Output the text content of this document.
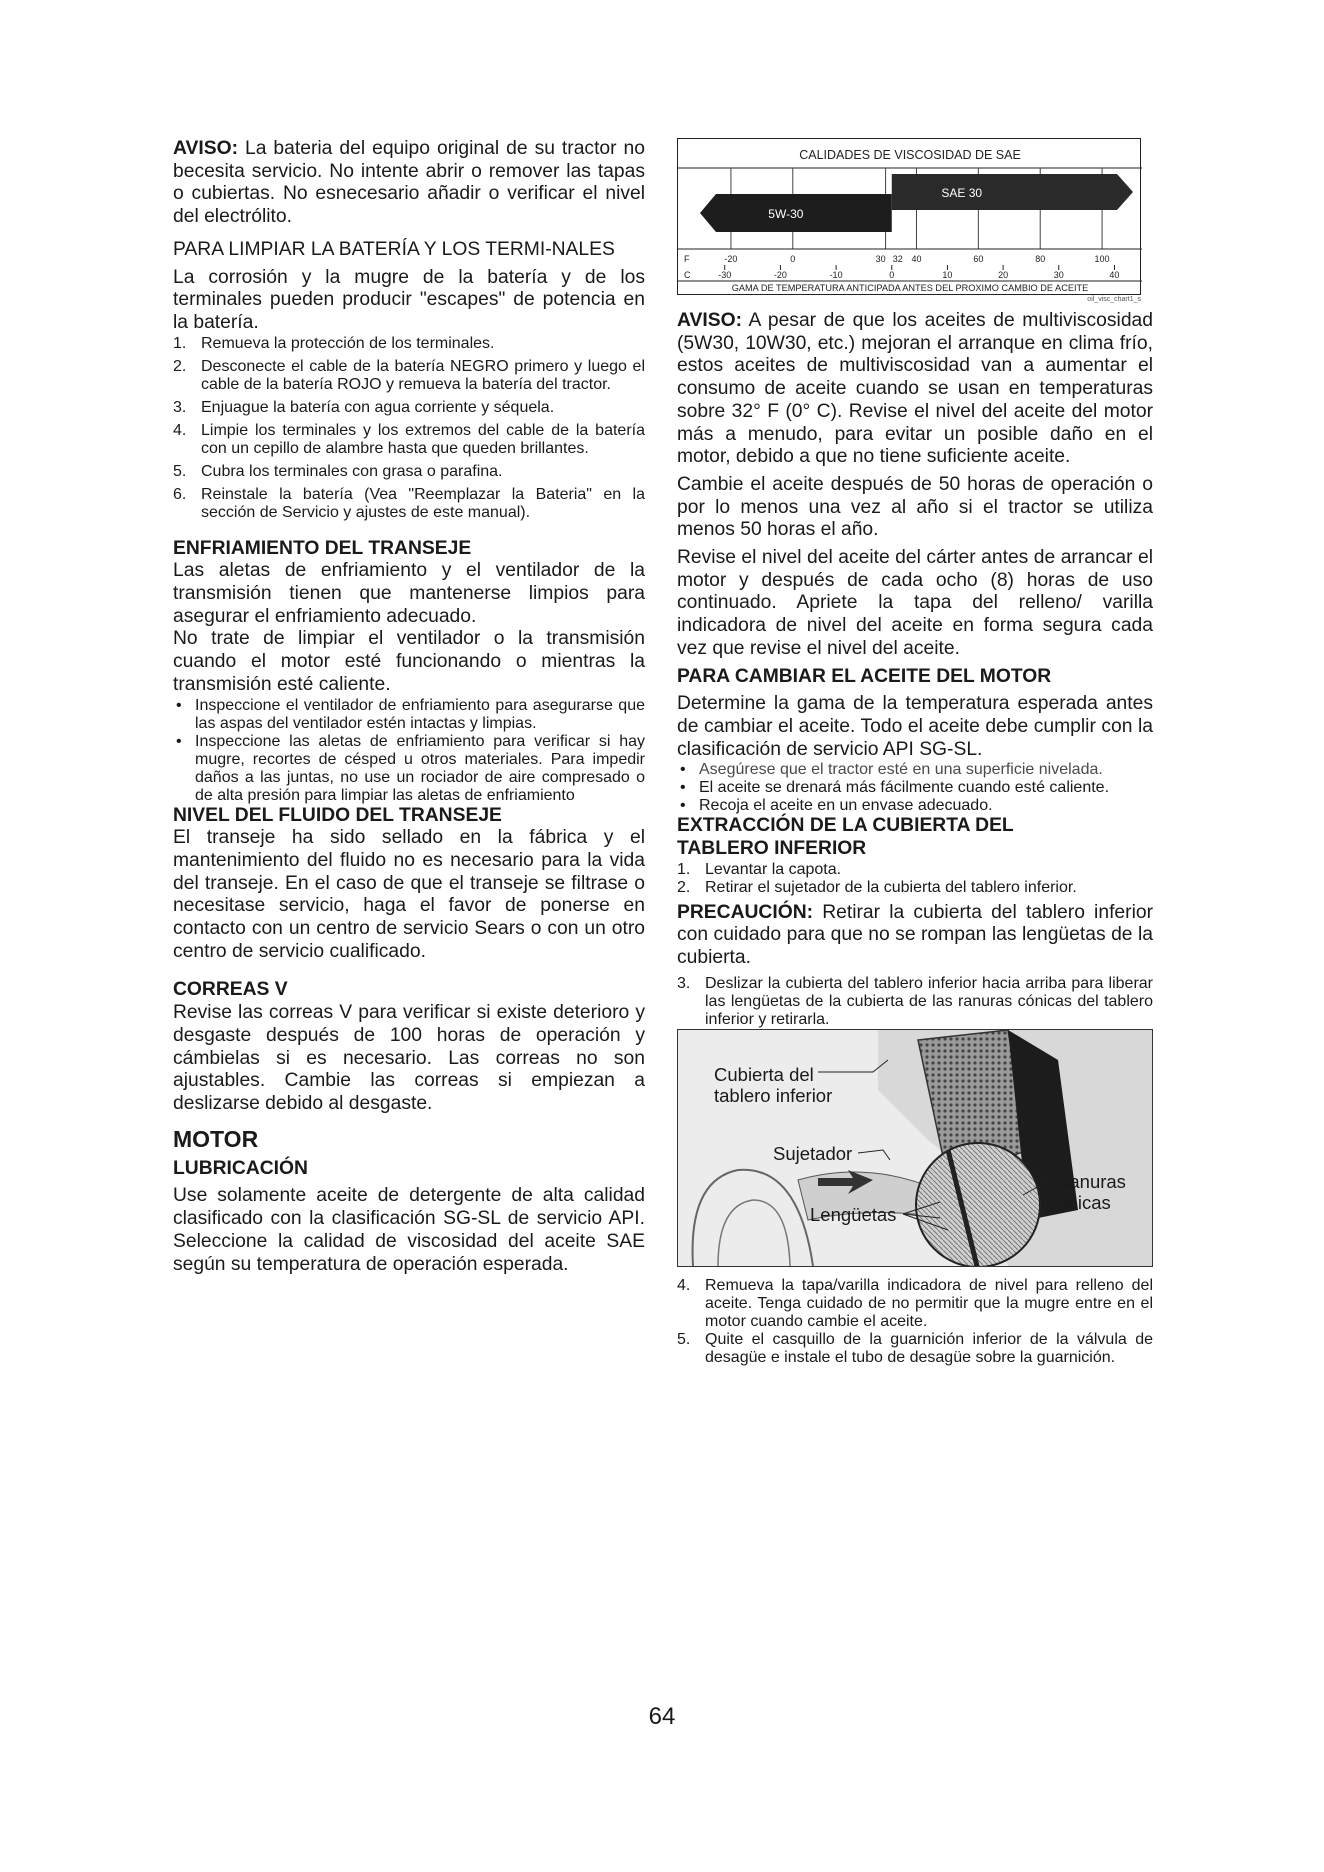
AVISO: La bateria del equipo original de su tractor no becesita servicio. No intente abrir o remover las tapas o cubiertas. No esnecesario añadir o verificar el nivel del electrólito.

PARA LIMPIAR LA BATERÍA Y LOS TERMI-NALES

La corrosión y la mugre de la batería y de los terminales pueden producir "escapes" de potencia en la batería.

1. Remueva la protección de los terminales.
2. Desconecte el cable de la batería NEGRO primero y luego el cable de la batería ROJO y remueva la batería del tractor.
3. Enjuague la batería con agua corriente y séquela.
4. Limpie los terminales y los extremos del cable de la batería con un cepillo de alambre hasta que queden brillantes.
5. Cubra los terminales con grasa o parafina.
6. Reinstale la batería (Vea "Reemplazar la Bateria" en la sección de Servicio y ajustes de este manual).
ENFRIAMIENTO DEL TRANSEJE

Las aletas de enfriamiento y el ventilador de la transmisión tienen que mantenerse limpios para asegurar el enfriamiento adecuado.

No trate de limpiar el ventilador o la transmisión cuando el motor esté funcionando o mientras la transmisión esté caliente.

• Inspeccione el ventilador de enfriamiento para asegurarse que las aspas del ventilador estén intactas y limpias.
• Inspeccione las aletas de enfriamiento para verificar si hay mugre, recortes de césped u otros materiales. Para impedir daños a las juntas, no use un rociador de aire compresado o de alta presión para limpiar las aletas de enfriamiento
NIVEL DEL FLUIDO DEL TRANSEJE

El transeje ha sido sellado en la fábrica y el mantenimiento del fluido no es necesario para la vida del transeje. En el caso de que el transeje se filtrase o necesitase servicio, haga el favor de ponerse en contacto con un centro de servicio Sears o con un otro centro de servicio cualificado.

CORREAS V

Revise las correas V para verificar si existe deterioro y desgaste después de 100 horas de operación y cámbielas si es necesario. Las correas no son ajustables. Cambie las correas si empiezan a deslizarse debido al desgaste.

MOTOR
LUBRICACIÓN

Use solamente aceite de detergente de alta calidad clasificado con la clasificación SG-SL de servicio API. Seleccione la calidad de viscosidad del aceite SAE según su temperatura de operación esperada.

CALIDADES DE VISCOSIDAD DE SAE
5W-30
SAE 30
F	-20	0	30 32 40	60	80	100
C	-30	-20	-10	0	10	20	30	40
GAMA DE TEMPERATURA ANTICIPADA ANTES DEL PROXIMO CAMBIO DE ACEITE
oil_visc_chart1_s

AVISO: A pesar de que los aceites de multiviscosidad (5W30, 10W30, etc.) mejoran el arranque en clima frío, estos aceites de multiviscosidad van a aumentar el consumo de aceite cuando se usan en temperaturas sobre 32° F (0° C). Revise el nivel del aceite del motor más a menudo, para evitar un posible daño en el motor, debido a que no tiene suficiente aceite.

Cambie el aceite después de 50 horas de operación o por lo menos una vez al año si el tractor se utiliza menos 50 horas el año.

Revise el nivel del aceite del cárter antes de arrancar el motor y después de cada ocho (8) horas de uso continuado. Apriete la tapa del relleno/ varilla indicadora de nivel del aceite en forma segura cada vez que revise el nivel del aceite.

PARA CAMBIAR EL ACEITE DEL MOTOR

Determine la gama de la temperatura esperada antes de cambiar el aceite. Todo el aceite debe cumplir con la clasificación de servicio API SG-SL.

• Asegúrese que el tractor esté en una superficie nivelada.
• El aceite se drenará más fácilmente cuando esté caliente.
• Recoja el aceite en un envase adecuado.
EXTRACCIÓN DE LA CUBIERTA DEL
TABLERO INFERIOR
1. Levantar la capota.
2. Retirar el sujetador de la cubierta del tablero inferior.

PRECAUCIÓN: Retirar la cubierta del tablero inferior con cuidado para que no se rompan las lengüetas de la cubierta.

3. Deslizar la cubierta del tablero inferior hacia arriba para liberar las lengüetas de la cubierta de las ranuras cónicas del tablero inferior y retirarla.
Cubierta del
tablero inferior
Sujetador
Lengüetas
Ranuras
cónicas
4. Remueva la tapa/varilla indicadora de nivel para relleno del aceite. Tenga cuidado de no permitir que la mugre entre en el motor cuando cambie el aceite.
5. Quite el casquillo de la guarnición inferior de la válvula de desagüe e instale el tubo de desagüe sobre la guarnición.
64
